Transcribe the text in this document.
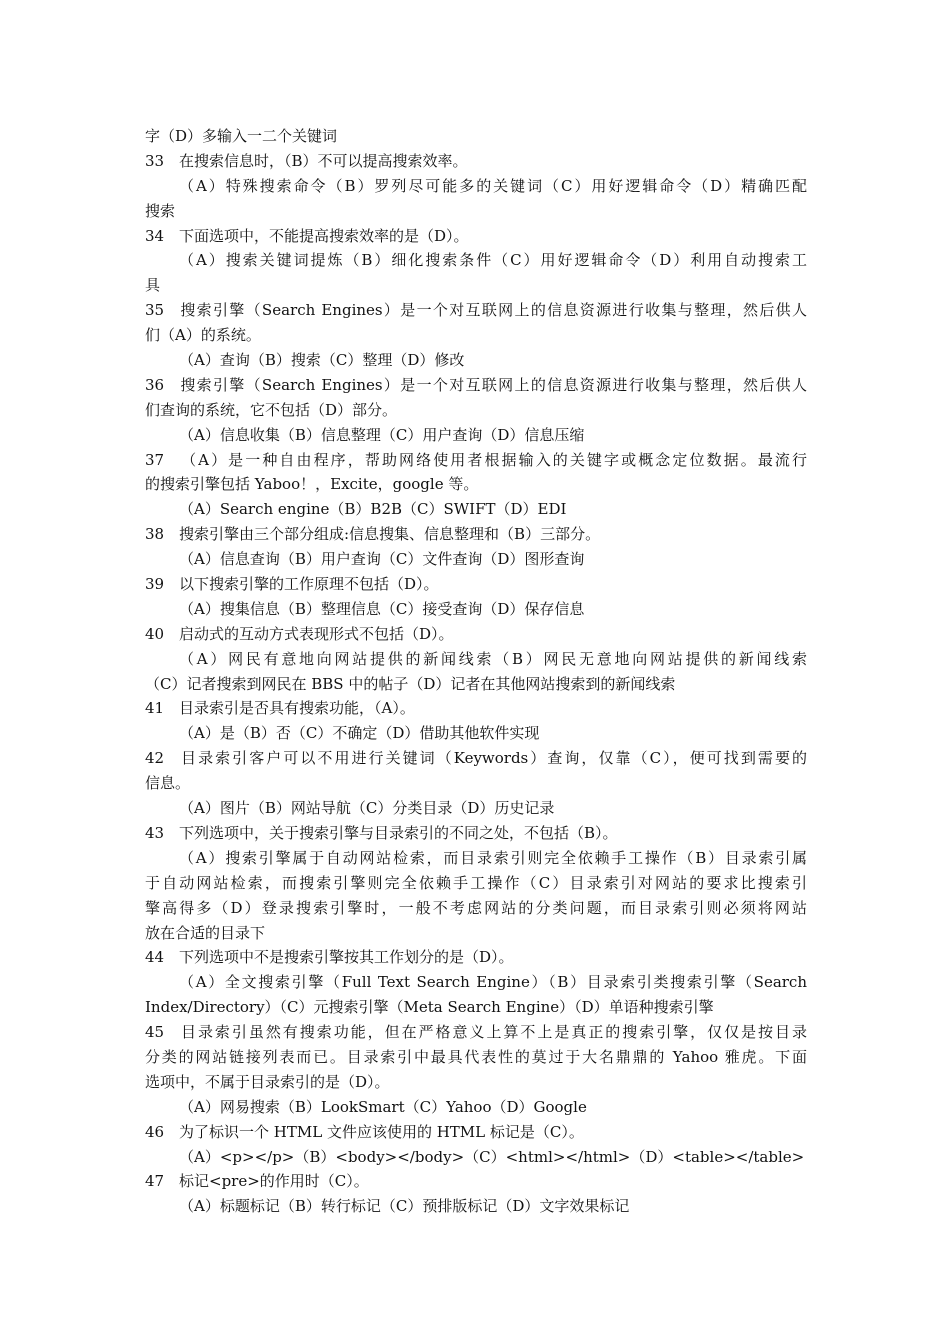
字（D）多输入一二个关键词
33 在搜索信息时，（B）不可以提高搜索效率。
（A）特殊搜索命令（B）罗列尽可能多的关键词（C）用好逻辑命令（D）精确匹配
搜索
34 下面选项中，不能提高搜索效率的是（D）。
（A）搜索关键词提炼（B）细化搜索条件（C）用好逻辑命令（D）利用自动搜索工
具
35 搜索引擎（Search Engines）是一个对互联网上的信息资源进行收集与整理，然后供人
们（A）的系统。
（A）查询（B）搜索（C）整理（D）修改
36 搜索引擎（Search Engines）是一个对互联网上的信息资源进行收集与整理，然后供人
们查询的系统，它不包括（D）部分。
（A）信息收集（B）信息整理（C）用户查询（D）信息压缩
37 （A）是一种自由程序，帮助网络使用者根据输入的关键字或概念定位数据。最流行
的搜索引擎包括 Yaboo！，Excite，google 等。
（A）Search engine（B）B2B（C）SWIFT（D）EDI
38 搜索引擎由三个部分组成:信息搜集、信息整理和（B）三部分。
（A）信息查询（B）用户查询（C）文件查询（D）图形查询
39 以下搜索引擎的工作原理不包括（D）。
（A）搜集信息（B）整理信息（C）接受查询（D）保存信息
40 启动式的互动方式表现形式不包括（D）。
（A）网民有意地向网站提供的新闻线索（B）网民无意地向网站提供的新闻线索
（C）记者搜索到网民在 BBS 中的帖子（D）记者在其他网站搜索到的新闻线索
41 目录索引是否具有搜索功能，（A）。
（A）是（B）否（C）不确定（D）借助其他软件实现
42 目录索引客户可以不用进行关键词（Keywords）查询，仅靠（C），便可找到需要的
信息。
（A）图片（B）网站导航（C）分类目录（D）历史记录
43 下列选项中，关于搜索引擎与目录索引的不同之处，不包括（B）。
（A）搜索引擎属于自动网站检索，而目录索引则完全依赖手工操作（B）目录索引属
于自动网站检索，而搜索引擎则完全依赖手工操作（C）目录索引对网站的要求比搜索引
擎高得多（D）登录搜索引擎时，一般不考虑网站的分类问题，而目录索引则必须将网站
放在合适的目录下
44 下列选项中不是搜索引擎按其工作划分的是（D）。
（A）全文搜索引擎（Full Text Search Engine）（B）目录索引类搜索引擎（Search
Index/Directory）（C）元搜索引擎（Meta Search Engine）（D）单语种搜索引擎
45 目录索引虽然有搜索功能，但在严格意义上算不上是真正的搜索引擎，仅仅是按目录
分类的网站链接列表而已。目录索引中最具代表性的莫过于大名鼎鼎的 Yahoo 雅虎。下面
选项中，不属于目录索引的是（D）。
（A）网易搜索（B）LookSmart（C）Yahoo（D）Google
46 为了标识一个 HTML 文件应该使用的 HTML 标记是（C）。
（A）<p></p>（B）<body></body>（C）<html></html>（D）<table></table>
47 标记<pre>的作用时（C）。
（A）标题标记（B）转行标记（C）预排版标记（D）文字效果标记
